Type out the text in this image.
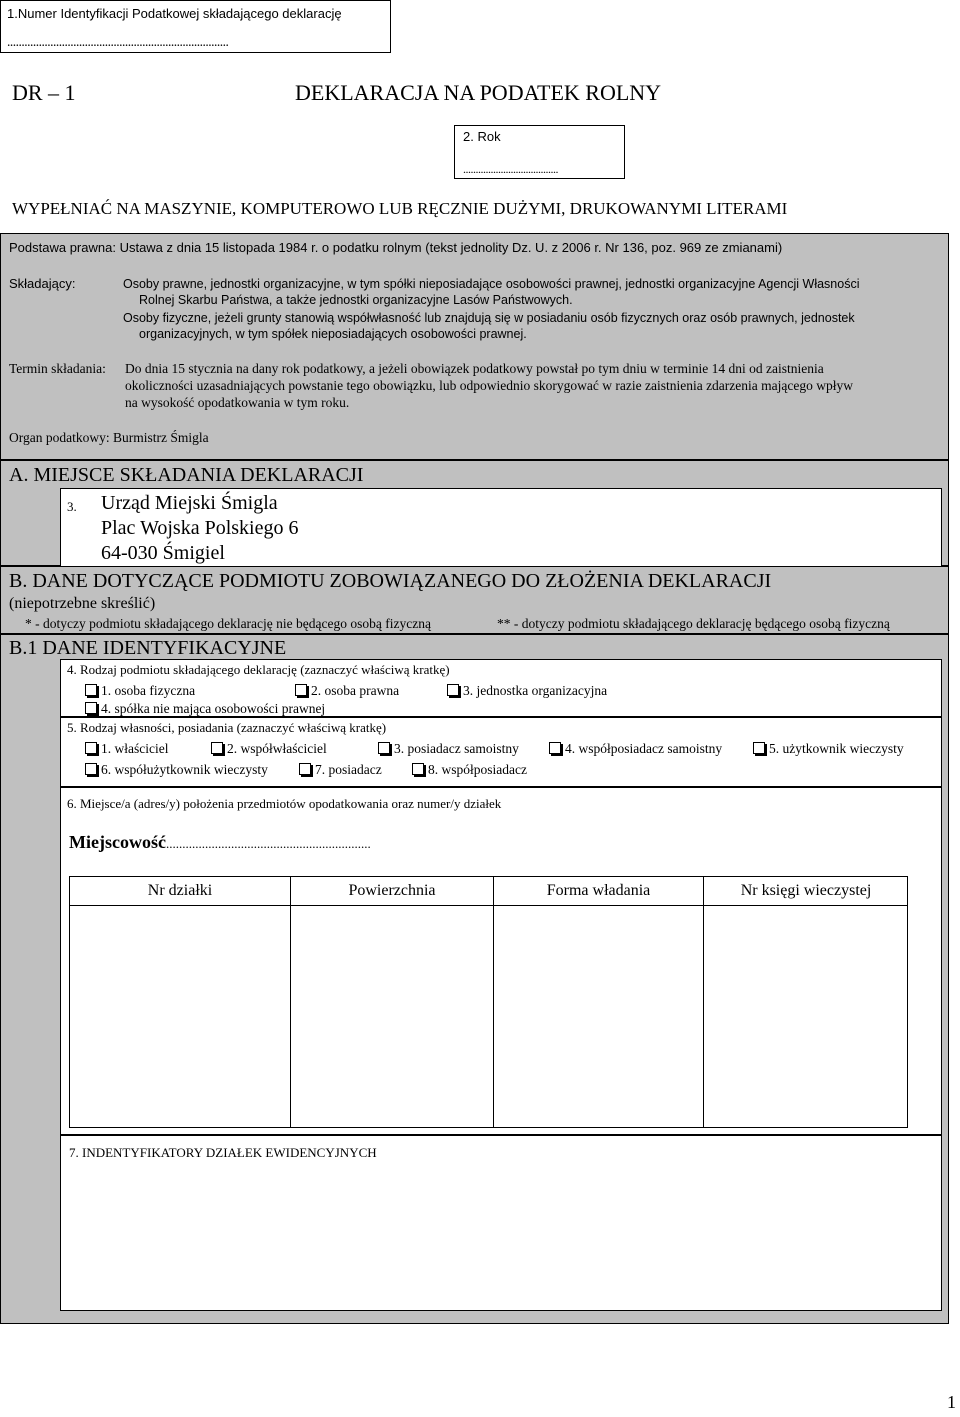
1.Numer Identyfikacji Podatkowej składającego deklarację
.............................................................................
DR – 1	DEKLARACJA NA PODATEK ROLNY
2. Rok
......................................
WYPEŁNIAĆ NA MASZYNIE, KOMPUTEROWO LUB RĘCZNIE DUŻYMI, DRUKOWANYMI LITERAMI
Podstawa prawna: Ustawa z dnia 15 listopada 1984 r. o podatku rolnym (tekst jednolity Dz. U. z 2006 r. Nr 136, poz. 969 ze zmianami)
Składający:	Osoby prawne, jednostki organizacyjne, w tym spółki nieposiadające osobowości prawnej, jednostki organizacyjne Agencji Własności
Rolnej Skarbu Państwa, a także jednostki organizacyjne Lasów Państwowych.
Osoby fizyczne, jeżeli grunty stanowią współwłasność lub znajdują się w posiadaniu osób fizycznych oraz osób prawnych, jednostek
organizacyjnych, w tym spółek nieposiadających osobowości prawnej.
Termin składania: Do dnia 15 stycznia na dany rok podatkowy, a jeżeli obowiązek podatkowy powstał po tym dniu w terminie 14 dni od zaistnienia
okoliczności uzasadniających powstanie tego obowiązku, lub odpowiednio skorygować w razie zaistnienia zdarzenia mającego wpływ
na wysokość opodatkowania w tym roku.
Organ podatkowy: Burmistrz Śmigla
A. MIEJSCE SKŁADANIA DEKLARACJI
3. Urząd Miejski Śmigla
Plac Wojska Polskiego 6
64-030 Śmigiel
B. DANE DOTYCZĄCE PODMIOTU ZOBOWIĄZANEGO DO ZŁOŻENIA DEKLARACJI
(niepotrzebne skreślić)
* - dotyczy podmiotu składającego deklarację nie będącego osobą fizyczną	** - dotyczy podmiotu składającego deklarację będącego osobą fizyczną
B.1 DANE IDENTYFIKACYJNE
4. Rodzaj podmiotu składającego deklarację (zaznaczyć właściwą kratkę)
1. osoba fizyczna	2. osoba prawna	3. jednostka organizacyjna
4. spółka nie mająca osobowości prawnej
5. Rodzaj własności, posiadania (zaznaczyć właściwą kratkę)
1. właściciel	2. współwłaściciel	3. posiadacz samoistny	4. współposiadacz samoistny	5. użytkownik wieczysty
6. współużytkownik wieczysty	7. posiadacz	8. współposiadacz
6. Miejsce/a (adres/y) położenia przedmiotów opodatkowania oraz numer/y działek
Miejscowość...............................................................
Nr działki	Powierzchnia	Forma władania	Nr księgi wieczystej
7. INDENTYFIKATORY DZIAŁEK EWIDENCYJNYCH
1
